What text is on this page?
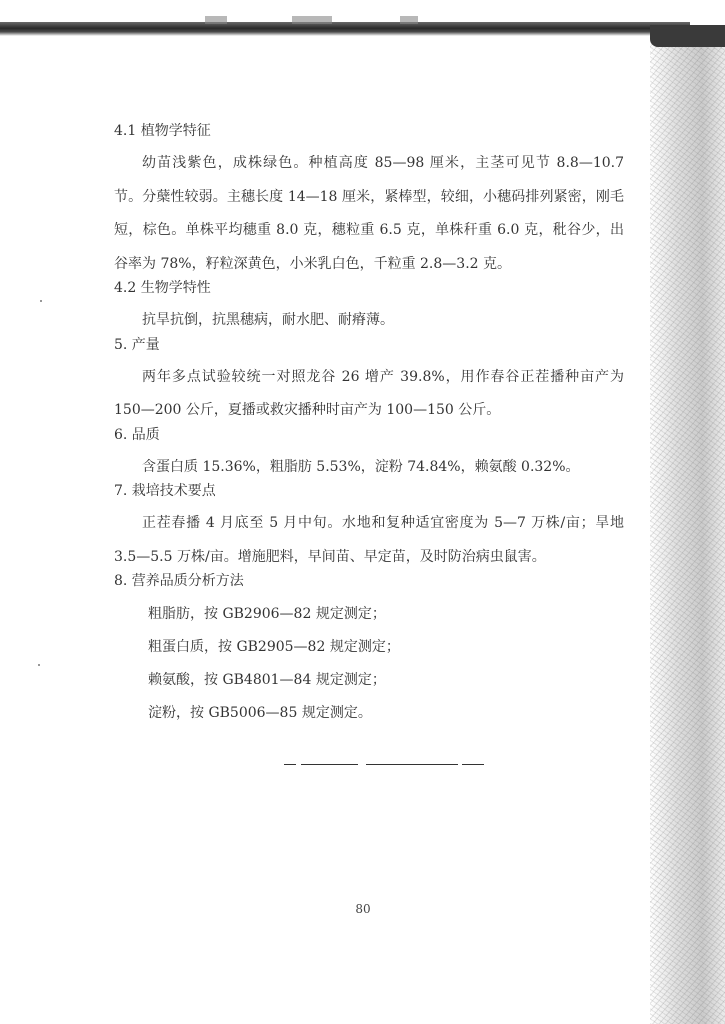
4.1 植物学特征

幼苗浅紫色，成株绿色。种植高度 85—98 厘米，主茎可见节 8.8—10.7 节。分蘖性较弱。主穗长度 14—18 厘米，紧棒型，较细，小穗码排列紧密，刚毛短，棕色。单株平均穗重 8.0 克，穗粒重 6.5 克，单株秆重 6.0 克，秕谷少，出谷率为 78%，籽粒深黄色，小米乳白色，千粒重 2.8—3.2 克。

4.2 生物学特性

抗旱抗倒，抗黑穗病，耐水肥、耐瘠薄。

5. 产量

两年多点试验较统一对照龙谷 26 增产 39.8%，用作春谷正茬播种亩产为 150—200 公斤，夏播或救灾播种时亩产为 100—150 公斤。

6. 品质

含蛋白质 15.36%，粗脂肪 5.53%，淀粉 74.84%，赖氨酸 0.32%。

7. 栽培技术要点

正茬春播 4 月底至 5 月中旬。水地和复种适宜密度为 5—7 万株/亩；旱地 3.5—5.5 万株/亩。增施肥料，早间苗、早定苗，及时防治病虫鼠害。

8. 营养品质分析方法
粗脂肪，按 GB2906—82 规定测定；
粗蛋白质，按 GB2905—82 规定测定；
赖氨酸，按 GB4801—84 规定测定；
淀粉，按 GB5006—85 规定测定。
80
